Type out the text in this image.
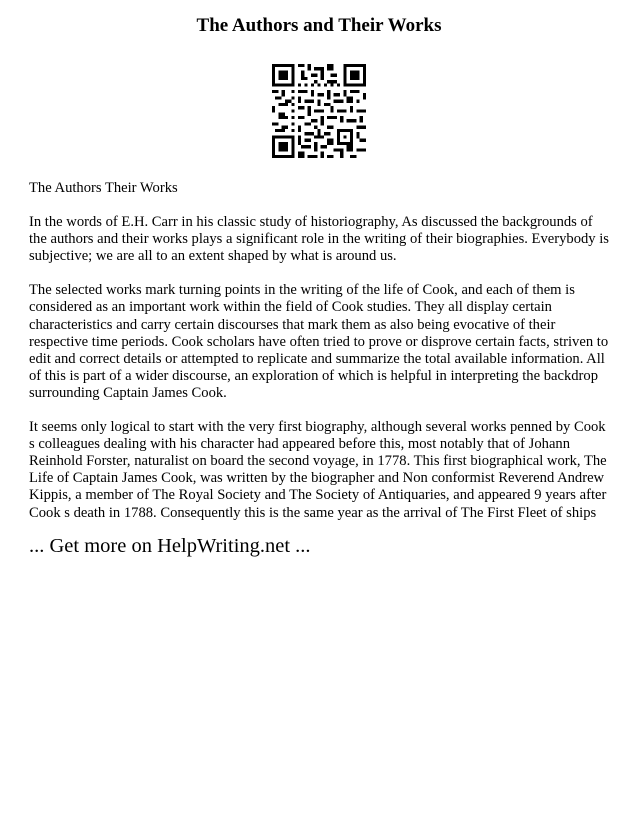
The Authors and Their Works

The Authors Their Works

In the words of E.H. Carr in his classic study of historiography, As discussed the backgrounds of the authors and their works plays a significant role in the writing of their biographies. Everybody is subjective; we are all to an extent shaped by what is around us.

The selected works mark turning points in the writing of the life of Cook, and each of them is considered as an important work within the field of Cook studies. They all display certain characteristics and carry certain discourses that mark them as also being evocative of their respective time periods. Cook scholars have often tried to prove or disprove certain facts, striven to edit and correct details or attempted to replicate and summarize the total available information. All of this is part of a wider discourse, an exploration of which is helpful in interpreting the backdrop surrounding Captain James Cook.

It seems only logical to start with the very first biography, although several works penned by Cook s colleagues dealing with his character had appeared before this, most notably that of Johann Reinhold Forster, naturalist on board the second voyage, in 1778. This first biographical work, The Life of Captain James Cook, was written by the biographer and Non conformist Reverend Andrew Kippis, a member of The Royal Society and The Society of Antiquaries, and appeared 9 years after Cook s death in 1788. Consequently this is the same year as the arrival of The First Fleet of ships

... Get more on HelpWriting.net ...
